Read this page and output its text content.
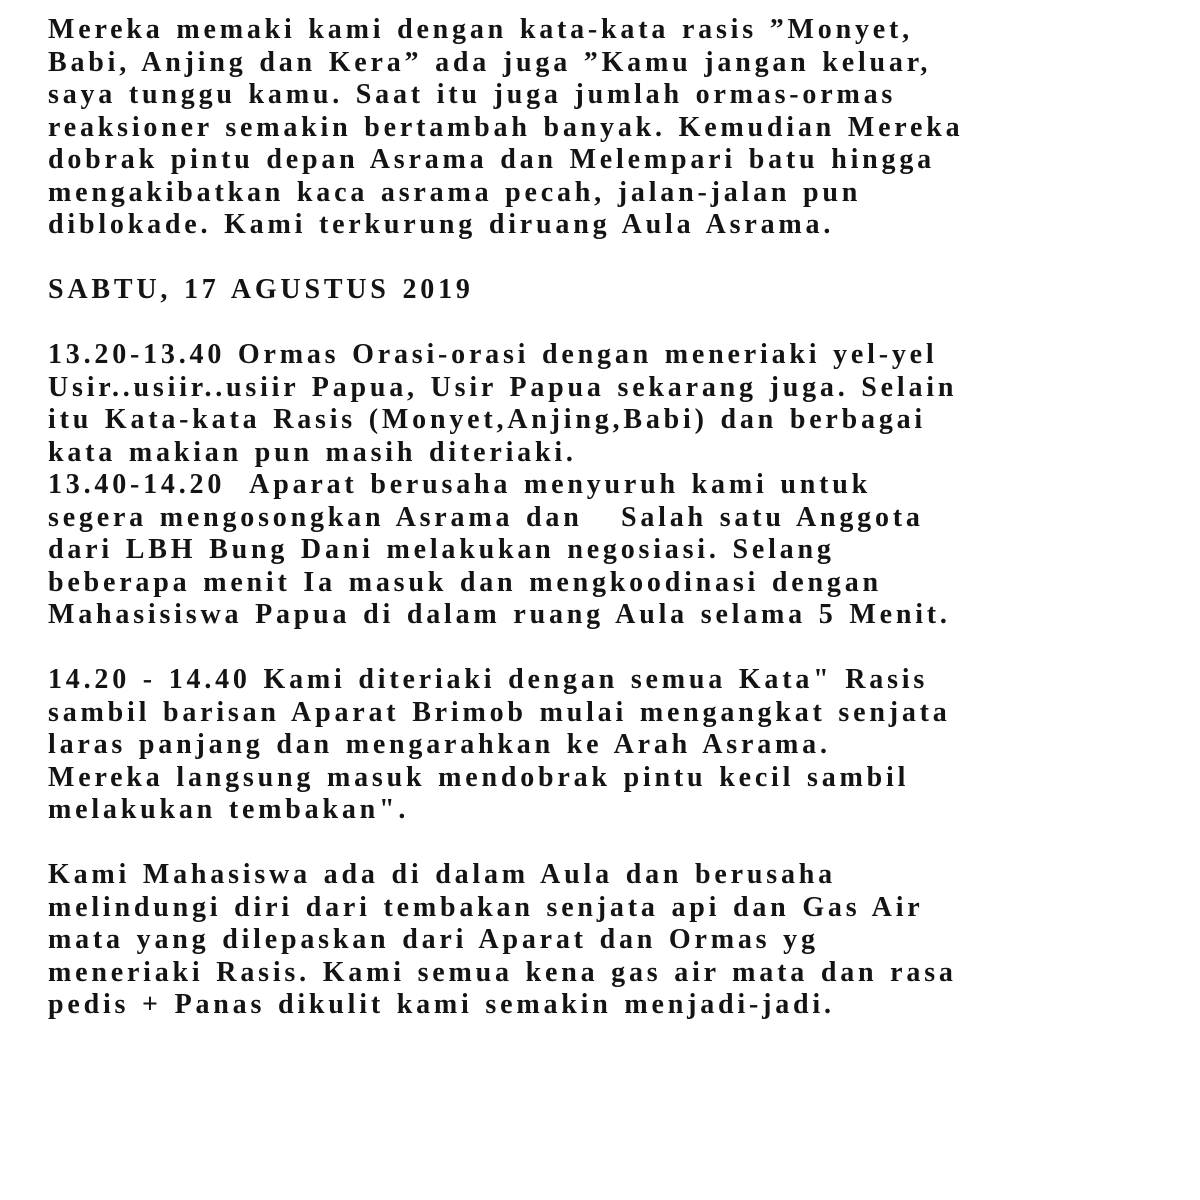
Mereka memaki kami dengan kata-kata rasis ”Monyet,
Babi, Anjing dan Kera” ada juga ”Kamu jangan keluar,
saya tunggu kamu. Saat itu juga jumlah ormas-ormas
reaksioner semakin bertambah banyak. Kemudian Mereka
dobrak pintu depan Asrama dan Melempari batu hingga
mengakibatkan kaca asrama pecah, jalan-jalan pun
diblokade. Kami terkurung diruang Aula Asrama.
SABTU, 17 AGUSTUS 2019
13.20-13.40 Ormas Orasi-orasi dengan meneriaki yel-yel
Usir..usiir..usiir Papua, Usir Papua sekarang juga. Selain
itu Kata-kata Rasis (Monyet,Anjing,Babi) dan berbagai
kata makian pun masih diteriaki.
13.40-14.20  Aparat berusaha menyuruh kami untuk
segera mengosongkan Asrama dan   Salah satu Anggota
dari LBH Bung Dani melakukan negosiasi. Selang
beberapa menit Ia masuk dan mengkoodinasi dengan
Mahasisiswa Papua di dalam ruang Aula selama 5 Menit.
14.20 - 14.40 Kami diteriaki dengan semua Kata" Rasis
sambil barisan Aparat Brimob mulai mengangkat senjata
laras panjang dan mengarahkan ke Arah Asrama.
Mereka langsung masuk mendobrak pintu kecil sambil
melakukan tembakan".
Kami Mahasiswa ada di dalam Aula dan berusaha
melindungi diri dari tembakan senjata api dan Gas Air
mata yang dilepaskan dari Aparat dan Ormas yg
meneriaki Rasis. Kami semua kena gas air mata dan rasa
pedis + Panas dikulit kami semakin menjadi-jadi.
